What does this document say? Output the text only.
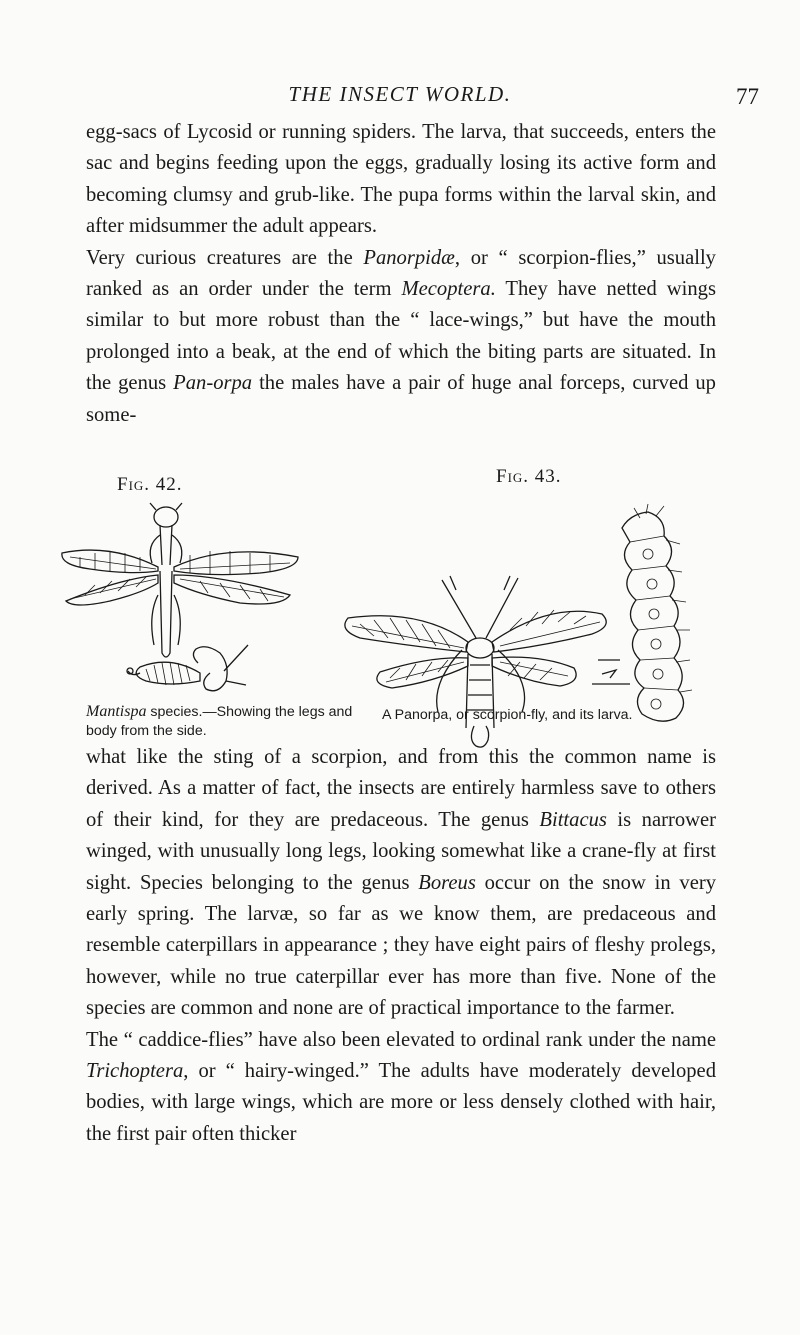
THE INSECT WORLD.	77

egg-sacs of Lycosid or running spiders. The larva, that succeeds, enters the sac and begins feeding upon the eggs, gradually losing its active form and becoming clumsy and grub-like. The pupa forms within the larval skin, and after midsummer the adult appears.

Very curious creatures are the Panorpidæ, or “ scorpion-flies,” usually ranked as an order under the term Mecoptera. They have netted wings similar to but more robust than the “ lace-wings,” but have the mouth prolonged into a beak, at the end of which the biting parts are situated. In the genus Pan-orpa the males have a pair of huge anal forceps, curved up some-

Fig. 42.
Mantispa species.—Showing the legs and body from the side.
Fig. 43.
A Panorpa, or scorpion-fly, and its larva.

what like the sting of a scorpion, and from this the common name is derived. As a matter of fact, the insects are entirely harmless save to others of their kind, for they are predaceous. The genus Bittacus is narrower winged, with unusually long legs, looking somewhat like a crane-fly at first sight. Species belonging to the genus Boreus occur on the snow in very early spring. The larvæ, so far as we know them, are predaceous and resemble caterpillars in appearance ; they have eight pairs of fleshy prolegs, however, while no true caterpillar ever has more than five. None of the species are common and none are of practical importance to the farmer.

The “ caddice-flies” have also been elevated to ordinal rank under the name Trichoptera, or “ hairy-winged.” The adults have moderately developed bodies, with large wings, which are more or less densely clothed with hair, the first pair often thicker
